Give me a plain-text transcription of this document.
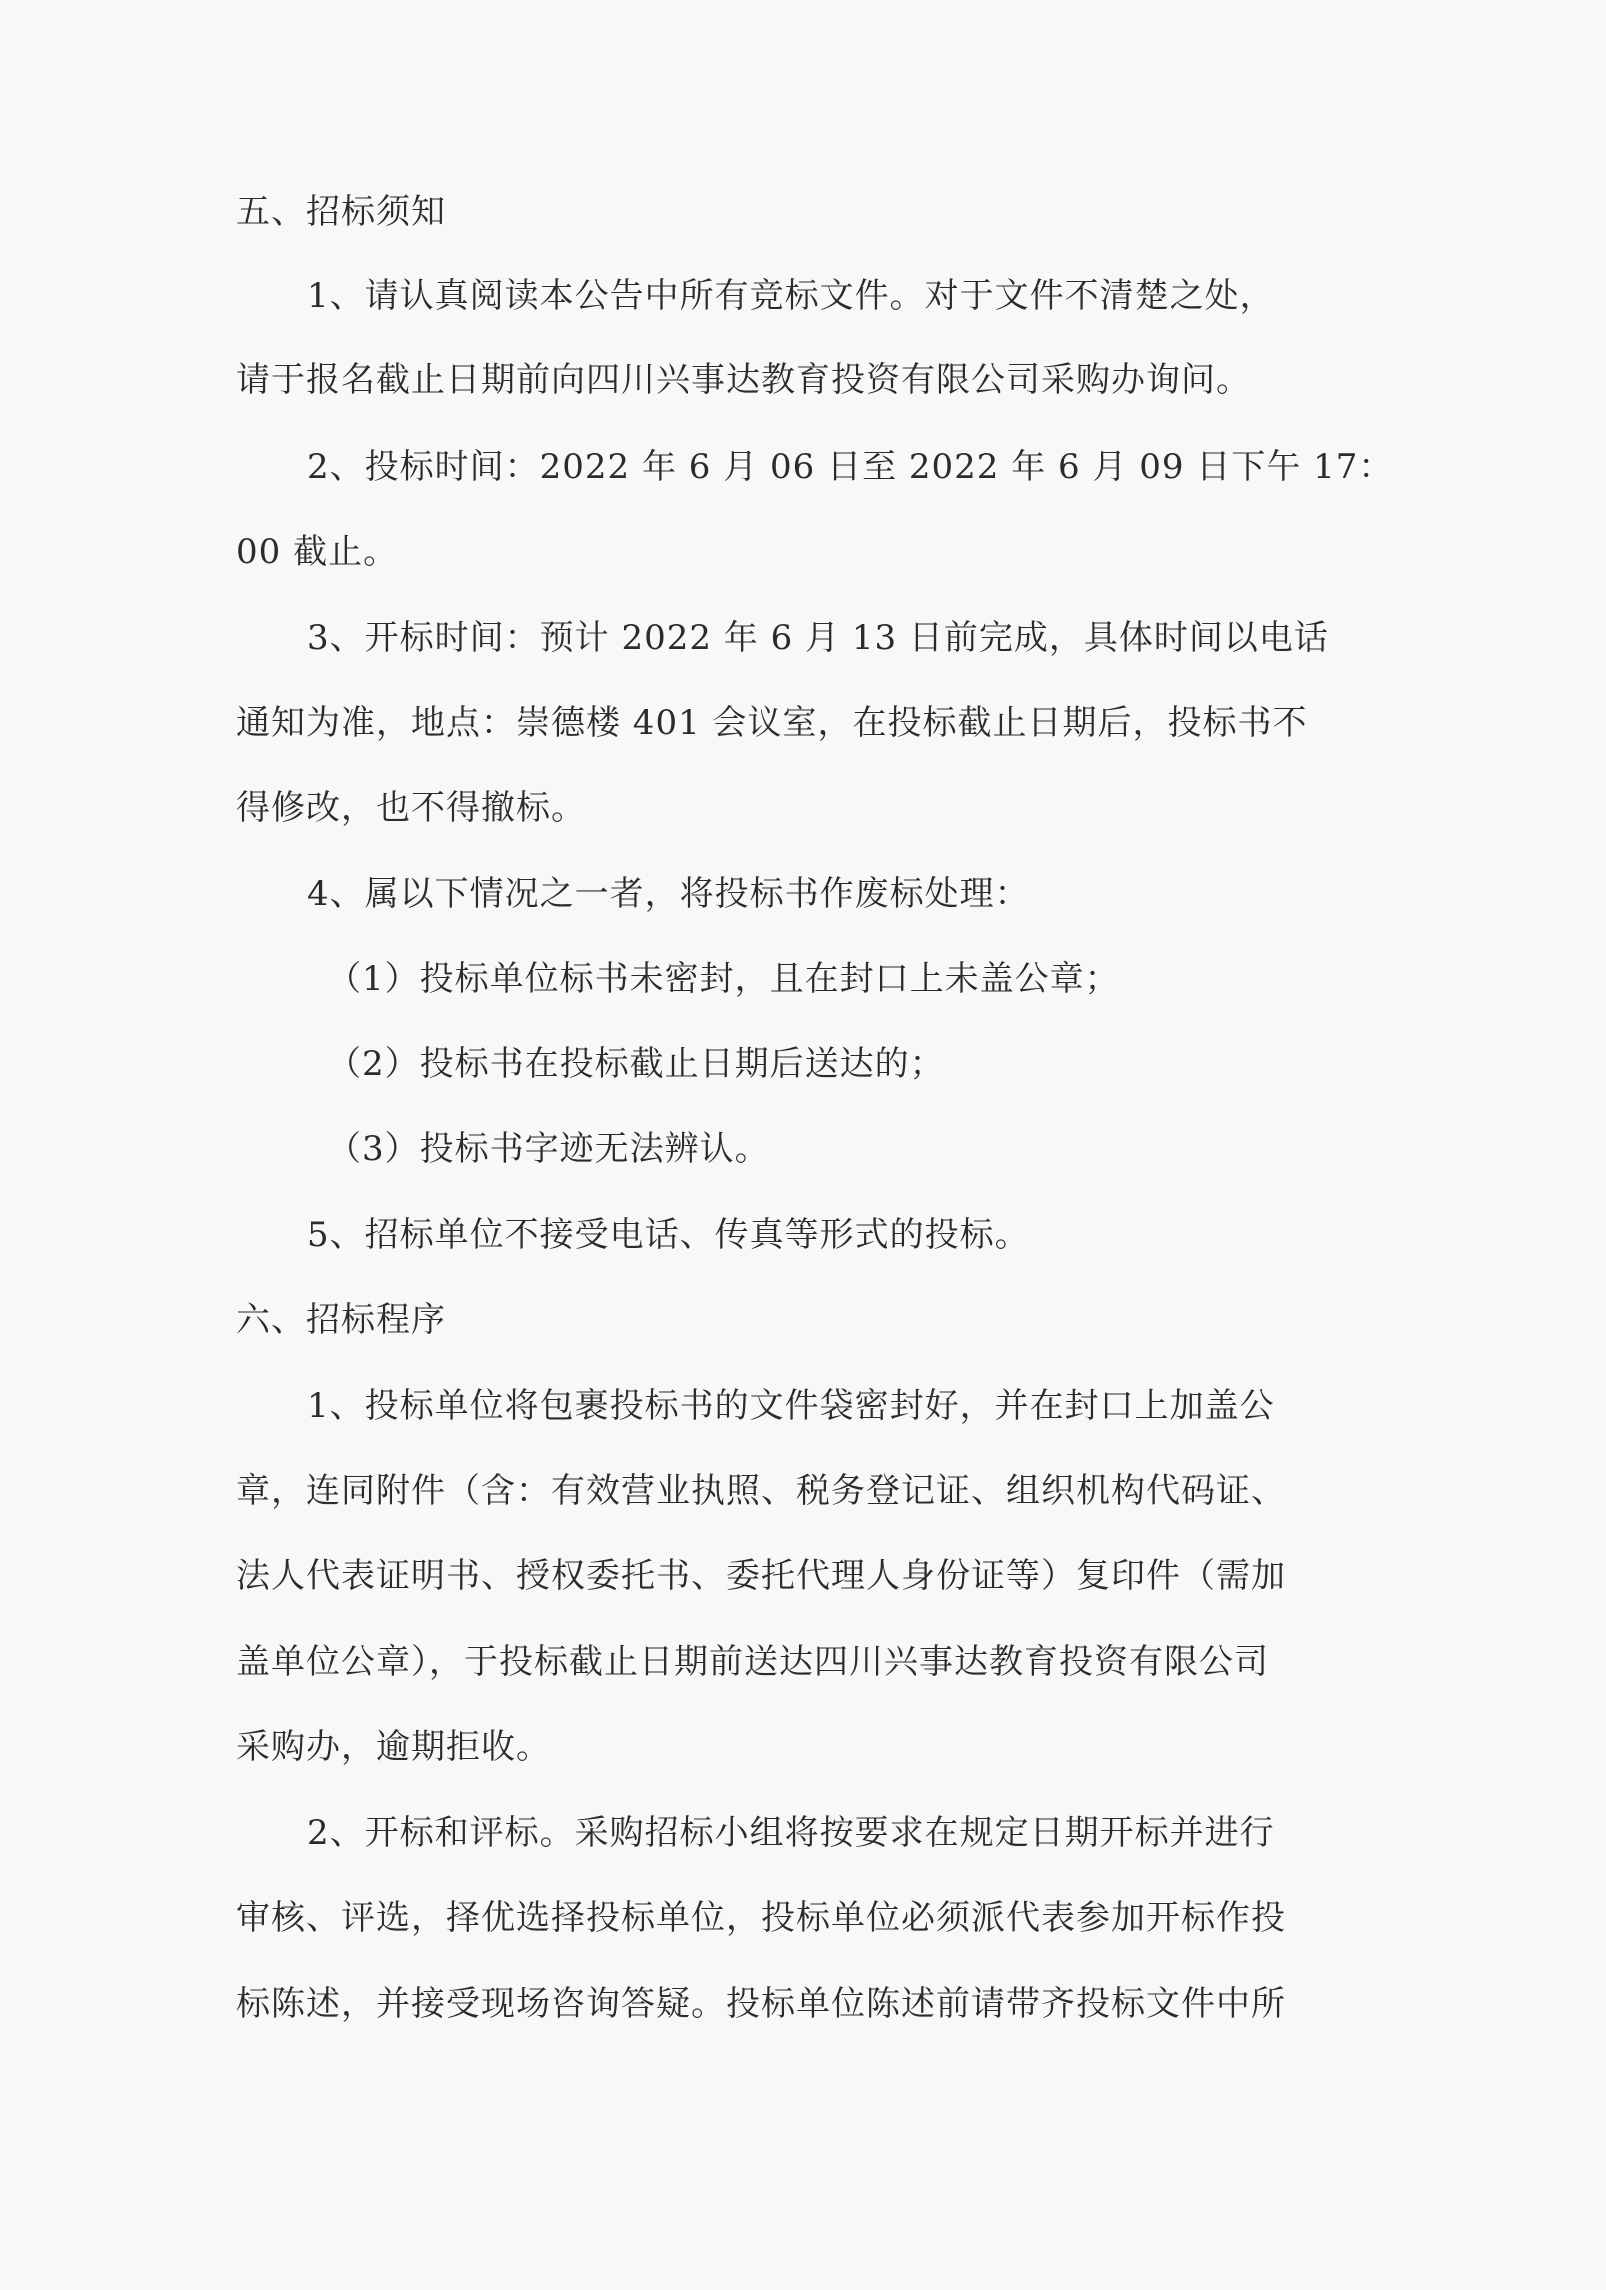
五、招标须知
1、请认真阅读本公告中所有竞标文件。对于文件不清楚之处，
请于报名截止日期前向四川兴事达教育投资有限公司采购办询问。
2、投标时间：2022 年 6 月 06 日至 2022 年 6 月 09 日下午 17：
00 截止。
3、开标时间：预计 2022 年 6 月 13 日前完成，具体时间以电话
通知为准，地点：崇德楼 401 会议室，在投标截止日期后，投标书不
得修改，也不得撤标。
4、属以下情况之一者，将投标书作废标处理：
（1）投标单位标书未密封，且在封口上未盖公章；
（2）投标书在投标截止日期后送达的；
（3）投标书字迹无法辨认。
5、招标单位不接受电话、传真等形式的投标。
六、招标程序
1、投标单位将包裹投标书的文件袋密封好，并在封口上加盖公
章，连同附件（含：有效营业执照、税务登记证、组织机构代码证、
法人代表证明书、授权委托书、委托代理人身份证等）复印件（需加
盖单位公章），于投标截止日期前送达四川兴事达教育投资有限公司
采购办，逾期拒收。
2、开标和评标。采购招标小组将按要求在规定日期开标并进行
审核、评选，择优选择投标单位，投标单位必须派代表参加开标作投
标陈述，并接受现场咨询答疑。投标单位陈述前请带齐投标文件中所
